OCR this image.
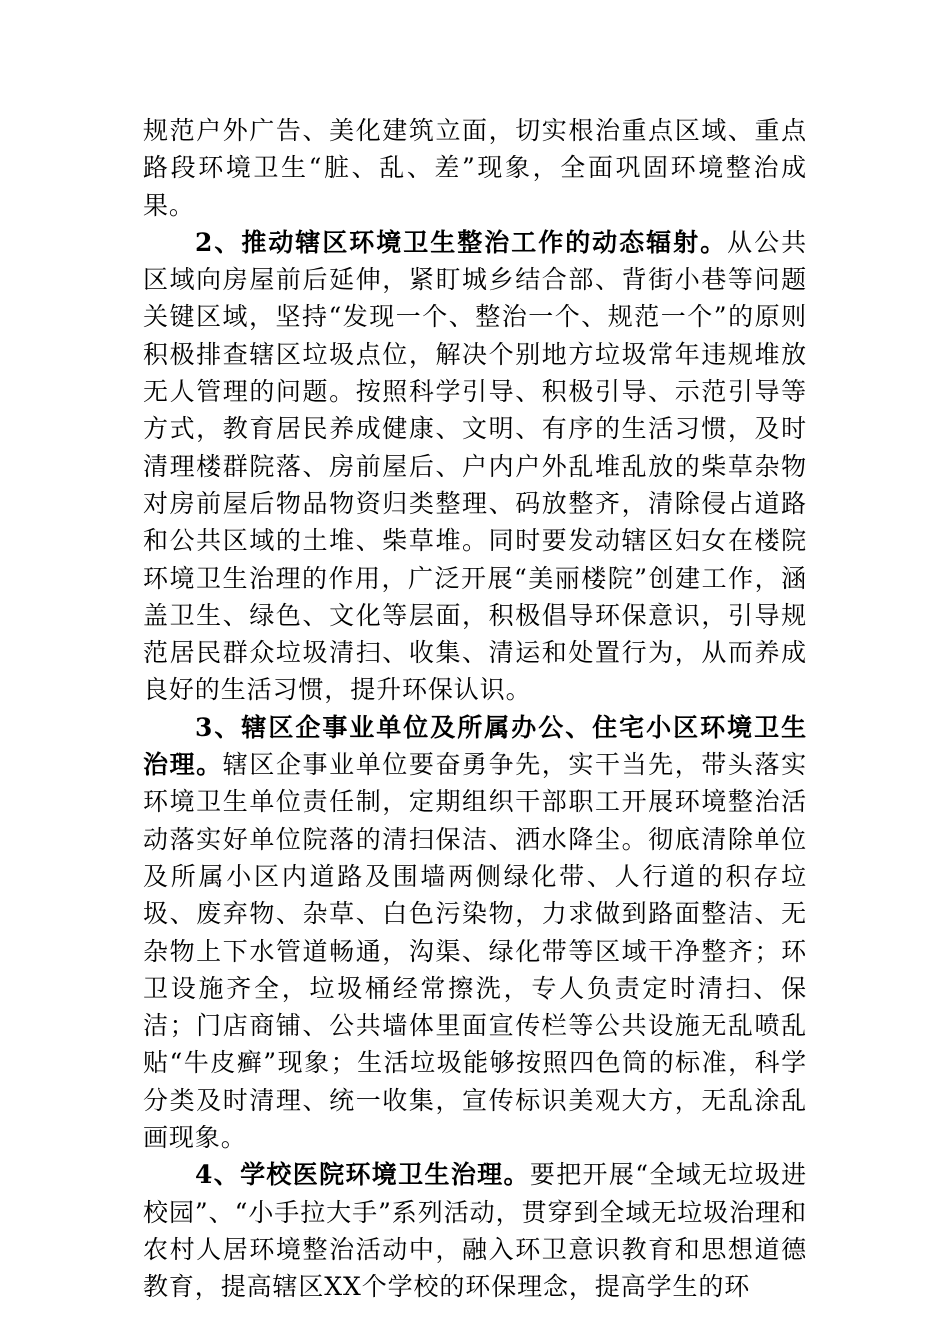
规范户外广告、美化建筑立面，切实根治重点区域、重点路段环境卫生“脏、乱、差”现象，全面巩固环境整治成果。

2、推动辖区环境卫生整治工作的动态辐射。从公共区域向房屋前后延伸，紧盯城乡结合部、背街小巷等问题关键区域，坚持“发现一个、整治一个、规范一个”的原则积极排查辖区垃圾点位，解决个别地方垃圾常年违规堆放无人管理的问题。按照科学引导、积极引导、示范引导等方式，教育居民养成健康、文明、有序的生活习惯，及时清理楼群院落、房前屋后、户内户外乱堆乱放的柴草杂物对房前屋后物品物资归类整理、码放整齐，清除侵占道路和公共区域的土堆、柴草堆。同时要发动辖区妇女在楼院环境卫生治理的作用，广泛开展“美丽楼院”创建工作，涵盖卫生、绿色、文化等层面，积极倡导环保意识，引导规范居民群众垃圾清扫、收集、清运和处置行为，从而养成良好的生活习惯，提升环保认识。

3、辖区企事业单位及所属办公、住宅小区环境卫生治理。辖区企事业单位要奋勇争先，实干当先，带头落实环境卫生单位责任制，定期组织干部职工开展环境整治活动落实好单位院落的清扫保洁、洒水降尘。彻底清除单位及所属小区内道路及围墙两侧绿化带、人行道的积存垃圾、废弃物、杂草、白色污染物，力求做到路面整洁、无杂物上下水管道畅通，沟渠、绿化带等区域干净整齐；环卫设施齐全，垃圾桶经常擦洗，专人负责定时清扫、保洁；门店商铺、公共墙体里面宣传栏等公共设施无乱喷乱贴“牛皮癣”现象；生活垃圾能够按照四色筒的标准，科学分类及时清理、统一收集，宣传标识美观大方，无乱涂乱画现象。

4、学校医院环境卫生治理。要把开展“全域无垃圾进校园”、“小手拉大手”系列活动，贯穿到全域无垃圾治理和农村人居环境整治活动中，融入环卫意识教育和思想道德教育，提高辖区XX个学校的环保理念，提高学生的环
